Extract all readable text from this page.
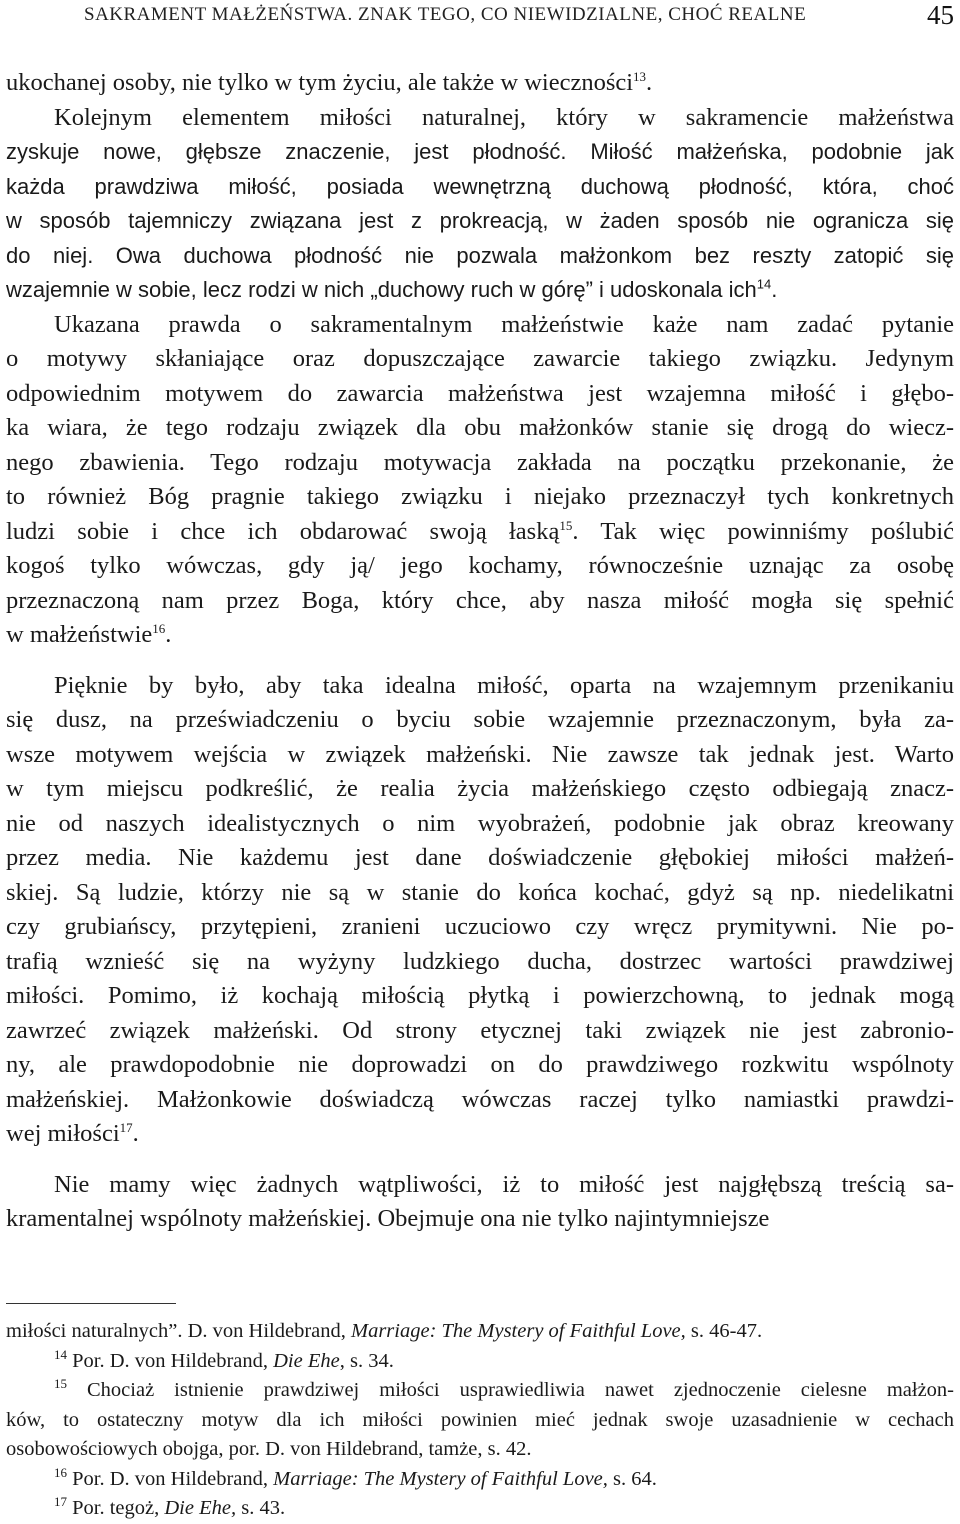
SAKRAMENT MAŁŻEŃSTWA. ZNAK TEGO, CO NIEWIDZIALNE, CHOĆ REALNE	45
ukochanej osoby, nie tylko w tym życiu, ale także w wieczności$^{13}$.
Kolejnym elementem miłości naturalnej, który w sakramencie małżeństwa
zyskuje nowe, głębsze znaczenie, jest płodność. Miłość małżeńska, podobnie jak
każda prawdziwa miłość, posiada wewnętrzną duchową płodność, która, choć
w sposób tajemniczy związana jest z prokreacją, w żaden sposób nie ogranicza się
do niej. Owa duchowa płodność nie pozwala małżonkom bez reszty zatopić się
wzajemnie w sobie, lecz rodzi w nich „duchowy ruch w górę” i udoskonala ich$^{14}$.
Ukazana prawda o sakramentalnym małżeństwie każe nam zadać pytanie
o motywy skłaniające oraz dopuszczające zawarcie takiego związku. Jedynym
odpowiednim motywem do zawarcia małżeństwa jest wzajemna miłość i głębo-
ka wiara, że tego rodzaju związek dla obu małżonków stanie się drogą do wiecz-
nego zbawienia. Tego rodzaju motywacja zakłada na początku przekonanie, że
to również Bóg pragnie takiego związku i niejako przeznaczył tych konkretnych
ludzi sobie i chce ich obdarować swoją łaską$^{15}$. Tak więc powinniśmy poślubić
kogoś tylko wówczas, gdy ją/ jego kochamy, równocześnie uznając za osobę
przeznaczoną nam przez Boga, który chce, aby nasza miłość mogła się spełnić
w małżeństwie$^{16}$.
Pięknie by było, aby taka idealna miłość, oparta na wzajemnym przenikaniu
się dusz, na przeświadczeniu o byciu sobie wzajemnie przeznaczonym, była za-
wsze motywem wejścia w związek małżeński. Nie zawsze tak jednak jest. Warto
w tym miejscu podkreślić, że realia życia małżeńskiego często odbiegają znacz-
nie od naszych idealistycznych o nim wyobrażeń, podobnie jak obraz kreowany
przez media. Nie każdemu jest dane doświadczenie głębokiej miłości małżeń-
skiej. Są ludzie, którzy nie są w stanie do końca kochać, gdyż są np. niedelikatni
czy grubiańscy, przytępieni, zranieni uczuciowo czy wręcz prymitywni. Nie po-
trafią wznieść się na wyżyny ludzkiego ducha, dostrzec wartości prawdziwej
miłości. Pomimo, iż kochają miłością płytką i powierzchowną, to jednak mogą
zawrzeć związek małżeński. Od strony etycznej taki związek nie jest zabronio-
ny, ale prawdopodobnie nie doprowadzi on do prawdziwego rozkwitu wspólnoty
małżeńskiej. Małżonkowie doświadczą wówczas raczej tylko namiastki prawdzi-
wej miłości$^{17}$.
Nie mamy więc żadnych wątpliwości, iż to miłość jest najgłębszą treścią sa-
kramentalnej wspólnoty małżeńskiej. Obejmuje ona nie tylko najintymniejsze
miłości naturalnych”. D. von Hildebrand, Marriage: The Mystery of Faithful Love, s. 46-47.
$^{14}$ Por. D. von Hildebrand, Die Ehe, s. 34.
$^{15}$ Chociaż istnienie prawdziwej miłości usprawiedliwia nawet zjednoczenie cielesne małżon-
ków, to ostateczny motyw dla ich miłości powinien mieć jednak swoje uzasadnienie w cechach
osobowościowych obojga, por. D. von Hildebrand, tamże, s. 42.
$^{16}$ Por. D. von Hildebrand, Marriage: The Mystery of Faithful Love, s. 64.
$^{17}$ Por. tegoż, Die Ehe, s. 43.
